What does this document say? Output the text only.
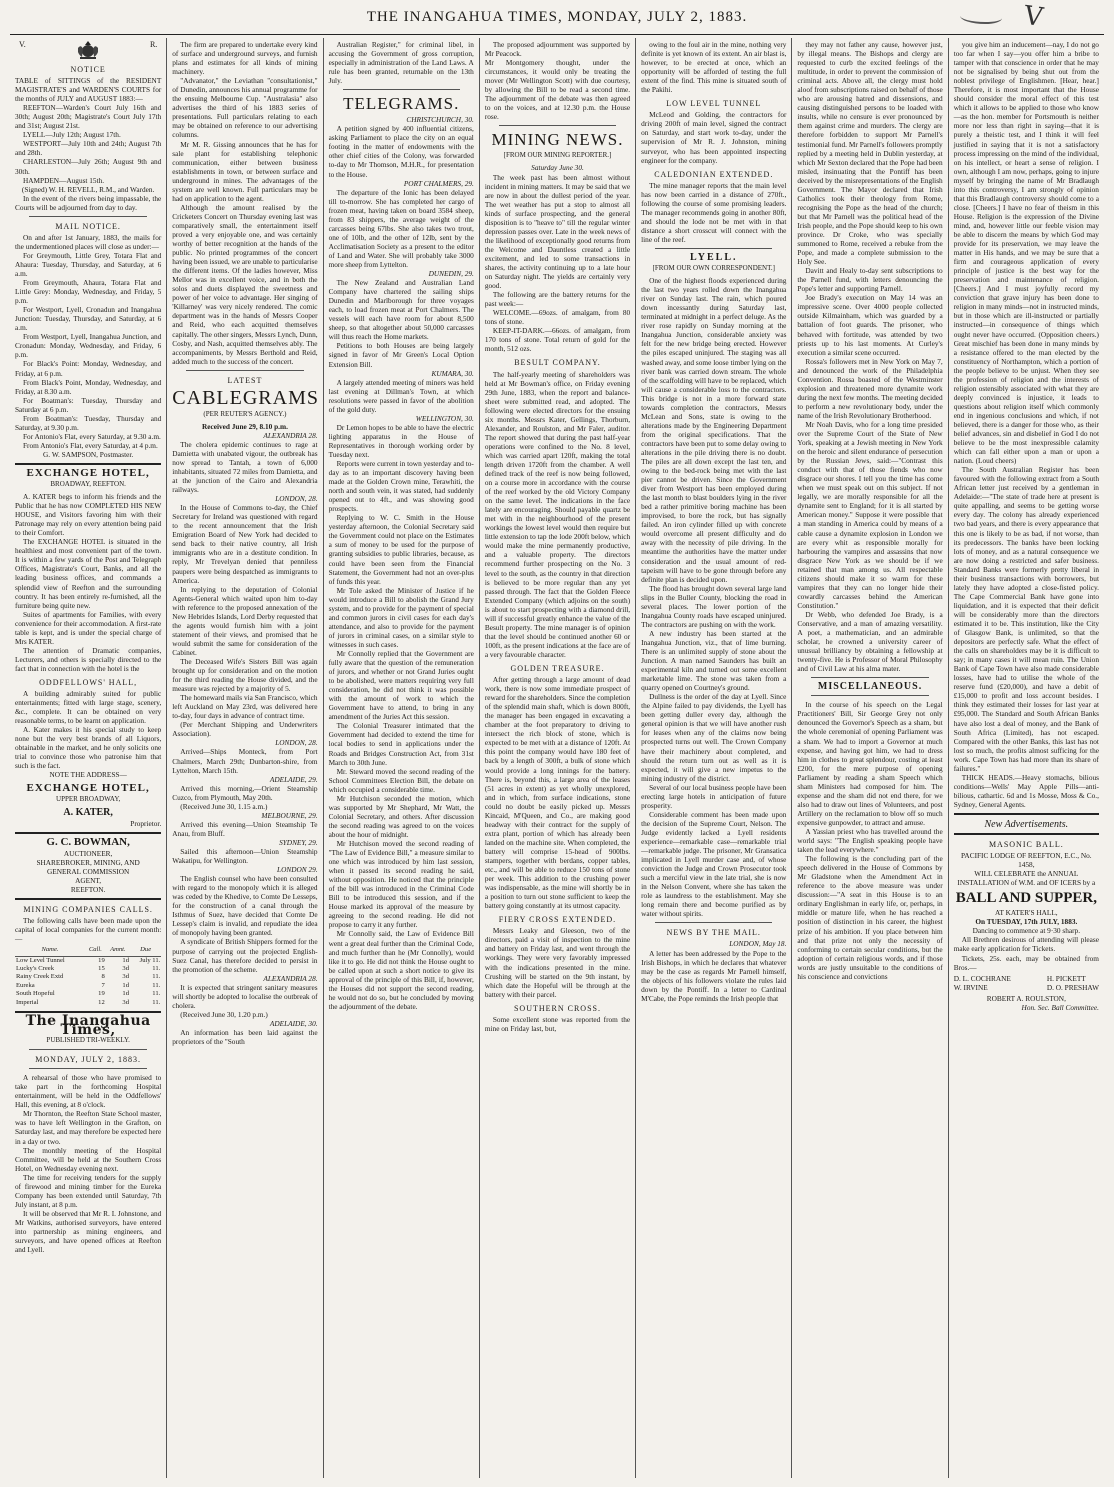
THE INANGAHUA TIMES, MONDAY, JULY 2, 1883.	V
V.	R.
NOTICE

TABLE of SITTINGS of the RESIDENT MAGISTRATE'S and WARDEN'S COURTS for the months of JULY and AUGUST 1883:—

REEFTON—Warden's Court July 16th and 30th; August 20th; Magistrate's Court July 17th and 31st; August 21st.

LYELL—July 12th; August 17th.

WESTPORT—July 10th and 24th; August 7th and 28th.

CHARLESTON—July 26th; August 9th and 30th.

HAMPDEN—August 15th.

(Signed) W. H. REVELL, R.M., and Warden.

In the event of the rivers being impassable, the Courts will be adjourned from day to day.

MAIL NOTICE.

On and after 1st January, 1883, the mails for the undermentioned places will close as under:—

For Greymouth, Little Grey, Totara Flat and Ahaura: Tuesday, Thursday, and Saturday, at 6 a.m.

From Greymouth, Ahaura, Totara Flat and Little Grey: Monday, Wednesday, and Friday, 5 p.m.

For Westport, Lyell, Cronadun and Inangahua Junction: Tuesday, Thursday, and Saturday, at 6 a.m.

From Westport, Lyell, Inangahua Junction, and Cronadun: Monday, Wednesday, and Friday, 6 p.m.

For Black's Point: Monday, Wednesday, and Friday, at 6 p.m.

From Black's Point, Monday, Wednesday, and Friday, at 8.30 a.m.

For Boatman's: Tuesday, Thursday and Saturday at 6 p.m.

From Boatman's: Tuesday, Thursday and Saturday, at 9.30 p.m.

For Antonio's Flat, every Saturday, at 9.30 a.m.

From Antonio's Flat, every Saturday, at 4 p.m.

G. W. SAMPSON, Postmaster.

EXCHANGE HOTEL,
BROADWAY, REEFTON.

A. KATER begs to inform his friends and the Public that he has now COMPLETED HIS NEW HOUSE, and Visitors favoring him with their Patronage may rely on every attention being paid to their Comfort.

The EXCHANGE HOTEL is situated in the healthiest and most convenient part of the town. It is within a few yards of the Post and Telegraph Offices, Magistrate's Court, Banks, and all the leading business offices, and commands a splendid view of Reefton and the surrounding country. It has been entirely re-furnished, all the furniture being quite new.

Suites of apartments for Families, with every convenience for their accommodation. A first-rate table is kept, and is under the special charge of Mrs KATER.

The attention of Dramatic companies, Lecturers, and others is specially directed to the fact that in connection with the hotel is the

ODDFELLOWS' HALL,

A building admirably suited for public entertainments; fitted with large stage, scenery, &c., complete. It can be obtained on very reasonable terms, to be learnt on application.

A. Kater makes it his special study to keep none but the very best brands of all Liquors, obtainable in the market, and he only solicits one trial to convince those who patronise him that such is the fact.

NOTE THE ADDRESS—

EXCHANGE HOTEL,
UPPER BROADWAY,
A. KATER,

Proprietor.

G. C. BOWMAN,

AUCTIONEER,

SHAREBROKER, MINING, AND

GENERAL COMMISSION

AGENT,

REEFTON.

MINING COMPANIES CALLS.

The following calls have been made upon the capital of local companies for the current month:—

Name.	Call.	Amnt.	Due
Low Level Tunnel	19	1d	July 11.
Lucky's Creek	15	3d	11.
Rainy Creek Extd	8	3d	11.
Eureka	7	1d	11.
South Hopeful	19	1d	11.
Imperial	12	3d	11.
The Inangahua Times,
PUBLISHED TRI-WEEKLY.
MONDAY, JULY 2, 1883.

A rehearsal of those who have promised to take part in the forthcoming Hospital entertainment, will be held in the Oddfellows' Hall, this evening, at 8 o'clock.

Mr Thornton, the Reefton State School master, was to have left Wellington in the Grafton, on Saturday last, and may therefore be expected here in a day or two.

The monthly meeting of the Hospital Committee, will be held at the Southern Cross Hotel, on Wednesday evening next.

The time for receiving tenders for the supply of firewood and mining timber for the Eureka Company has been extended until Saturday, 7th July instant, at 8 p.m.

It will be observed that Mr R. I. Johnstone, and Mr Watkins, authorised surveyors, have entered into partnership as mining engineers, and surveyors, and have opened offices at Reefton and Lyell.

The firm are prepared to undertake every kind of surface and underground surveys, and furnish plans and estimates for all kinds of mining machinery.

"Advanator," the Leviathan "consultationist," of Dunedin, announces his annual programme for the ensuing Melbourne Cup. "Australasia" also advertises the third of his 1883 series of presentations. Full particulars relating to each may be obtained on reference to our advertising columns.

Mr M. R. Gissing announces that he has for sale plant for establishing telephonic communication, either between business establishments in town, or between surface and underground in mines. The advantages of the system are well known. Full particulars may be had on application to the agent.

Although the amount realised by the Cricketers Concert on Thursday evening last was comparatively small, the entertainment itself proved a very enjoyable one, and was certainly worthy of better recognition at the hands of the public. No printed programmes of the concert having been issued, we are unable to particularise the different items. Of the ladies however, Miss Mellor was in excellent voice, and in both the solos and duets displayed the sweetness and power of her voice to advantage. Her singing of 'Killarney' was very nicely rendered. The comic department was in the hands of Messrs Cooper and Reid, who each acquitted themselves capitally. The other singers, Messrs Lynch, Dunn, Cosby, and Nash, acquitted themselves ably. The accompaniments, by Messrs Berthold and Reid, added much to the success of the concert.

LATEST
CABLEGRAMS
(PER REUTER'S AGENCY.)

Received June 29, 8.10 p.m.

ALEXANDRIA 28.

The cholera epidemic continues to rage at Damietta with unabated vigour, the outbreak has now spread to Tantah, a town of 6,000 inhabitants, situated 72 miles from Damietta, and at the junction of the Cairo and Alexandria railways.

LONDON, 28.

In the House of Commons to-day, the Chief Secretary for Ireland was questioned with regard to the recent announcement that the Irish Emigration Board of New York had decided to send back to their native country, all Irish immigrants who are in a destitute condition. In reply, Mr Trevelyan denied that penniless paupers were being despatched as immigrants to America.

In replying to the deputation of Colonial Agents-General which waited upon him to-day with reference to the proposed annexation of the New Hebrides Islands, Lord Derby requested that the agents would furnish him with a joint statement of their views, and promised that he would submit the same for consideration of the Cabinet.

The Deceased Wife's Sisters Bill was again brought up for consideration and on the motion for the third reading the House divided, and the measure was rejected by a majority of 5.

The homeward mails via San Francisco, which left Auckland on May 23rd, was delivered here to-day, four days in advance of contract time.

(Per Merchant Shipping and Underwriters Association).

LONDON, 28.

Arrived—Ships Monteck, from Port Chalmers, March 29th; Dunbarton-shire, from Lyttelton, March 15th.

ADELAIDE, 29.

Arrived this morning,—Orient Steamship Cuzco, from Plymouth, May 20th.

(Received June 30, 1.15 a.m.)

MELBOURNE, 29.

Arrived this evening—Union Steamship Te Anau, from Bluff.

SYDNEY, 29.

Sailed this afternoon—Union Steamship Wakatipu, for Wellington.

LONDON 29.

The English counsel who have been consulted with regard to the monopoly which it is alleged was ceded by the Khedive, to Comte De Lesseps, for the construction of a canal through the Isthmus of Suez, have decided that Comte De Lessep's claim is invalid, and repudiate the idea of monopoly having been granted.

A syndicate of British Shippers formed for the purpose of carrying out the projected English-Suez Canal, has therefore decided to persist in the promotion of the scheme.

ALEXANDRIA 28.

It is expected that stringent sanitary measures will shortly be adopted to localise the outbreak of cholera.

(Received June 30, 1.20 p.m.)

ADELAIDE, 30.

An information has been laid against the proprietors of the "South

Australian Register," for criminal libel, in accusing the Government of gross corruption, especially in administration of the Land Laws. A rule has been granted, returnable on the 13th July.

TELEGRAMS.

CHRISTCHURCH, 30.

A petition signed by 400 influential citizens, asking Parliament to place the city on an equal footing in the matter of endowments with the other chief cities of the Colony, was forwarded to-day to Mr Thomson, M.H.R., for presentation to the House.

PORT CHALMERS, 29.

The departure of the Ionic has been delayed till to-morrow. She has completed her cargo of frozen meat, having taken on board 3584 sheep, from 83 shippers, the average weight of the carcasses being 67lbs. She also takes two trout, one of 10lb, and the other of 12lb, sent by the Acclimatisation Society as a present to the editor of Land and Water. She will probably take 3000 more sheep from Lyttelton.

DUNEDIN, 29.

The New Zealand and Australian Land Company have chartered the sailing ships Dunedin and Marlborough for three voyages each, to load frozen meat at Port Chalmers. The vessels will each have room for about 8,500 sheep, so that altogether about 50,000 carcasses will thus reach the Home markets.

Petitions to both Houses are being largely signed in favor of Mr Green's Local Option Extension Bill.

KUMARA, 30.

A largely attended meeting of miners was held last evening at Dillman's Town, at which resolutions were passed in favor of the abolition of the gold duty.

WELLINGTON, 30.

Dr Lemon hopes to be able to have the electric lighting apparatus in the House of Representatives in thorough working order by Tuesday next.

Reports were current in town yesterday and to-day as to an important discovery having been made at the Golden Crown mine, Terawhiti, the north and south vein, it was stated, had suddenly opened out to 4ft., and was showing good prospects.

Replying to W. C. Smith in the House yesterday afternoon, the Colonial Secretary said the Government could not place on the Estimates a sum of money to be used for the purpose of granting subsidies to public libraries, because, as could have been seen from the Financial Statement, the Government had not an over-plus of funds this year.

Mr Tole asked the Minister of Justice if he would introduce a Bill to abolish the Grand Jury system, and to provide for the payment of special and common jurors in civil cases for each day's attendance, and also to provide for the payment of jurors in criminal cases, on a similar style to witnesses in such cases.

Mr Connolly replied that the Government are fully aware that the question of the remuneration of jurors, and whether or not Grand Juries ought to be abolished, were matters requiring very full consideration, he did not think it was possible with the amount of work to which the Government have to attend, to bring in any amendment of the Juries Act this session.

The Colonial Treasurer intimated that the Government had decided to extend the time for local bodies to send in applications under the Roads and Bridges Construction Act, from 31st March to 30th June.

Mr. Steward moved the second reading of the School Committees Election Bill, the debate on which occupied a considerable time.

Mr Hutchison seconded the motion, which was supported by Mr Shephard, Mr Watt, the Colonial Secretary, and others. After discussion the second reading was agreed to on the voices about the hour of midnight.

Mr Hutchison moved the second reading of "The Law of Evidence Bill," a measure similar to one which was introduced by him last session, when it passed its second reading he said, without opposition. He noticed that the principle of the bill was introduced in the Criminal Code Bill to be introduced this session, and if the House marked its approval of the measure by agreeing to the second reading. He did not propose to carry it any further.

Mr Connolly said, the Law of Evidence Bill went a great deal further than the Criminal Code, and much further than he (Mr Connolly), would like it to go. He did not think the House ought to be called upon at such a short notice to give its approval of the principle of this Bill, if, however, the Houses did not support the second reading, he would not do so, but he concluded by moving the adjournment of the debate.

The proposed adjournment was supported by Mr Peacock.
Mr Montgomery thought, under the circumstances, it would only be treating the mover (Mr Wellington Scott) with due courtesy, by allowing the Bill to be read a second time. The adjournment of the debate was then agreed to on the voices, and at 12.30 p.m. the House rose.

MINING NEWS.
[FROM OUR MINING REPORTER.]

Saturday June 30.

The week past has been almost without incident in mining matters. It may be said that we are now in about the dullest period of the year. The wet weather has put a stop to almost all kinds of surface prospecting, and the general disposition is to "heave to" till the regular winter depression passes over. Late in the week news of the likelihood of exceptionally good returns from the Welcome and Dauntless created a little excitement, and led to some transactions in shares, the activity continuing up to a late hour on Saturday night. The yields are certainly very good.

The following are the battery returns for the past week:—

WELCOME.—69ozs. of amalgam, from 80 tons of stone.

KEEP-IT-DARK.—66ozs. of amalgam, from 170 tons of stone. Total return of gold for the month, 512 ozs.

BESULT COMPANY.

The half-yearly meeting of shareholders was held at Mr Bowman's office, on Friday evening 29th June, 1883, when the report and balance-sheet were submitted read, and adopted. The following were elected directors for the ensuing six months. Messrs Kater, Gellings, Thorburn, Alexander, and Roulston, and Mr Faler, auditor. The report showed that during the past half-year operations were confined to the No. 8 level, which was carried apart 120ft, making the total length driven 1720ft from the chamber. A well defined track of the reef is now being followed, on a course more in accordance with the course of the reef worked by the old Victory Company on the same level. The indications in the face lately are encouraging. Should payable quartz be met with in the neighbourhood of the present workings the lowest level would then require but little extension to tap the lode 200ft below, which would make the mine permanently productive, and a valuable property. The directors recommend further prospecting on the No. 3 level to the south, as the country in that direction is believed to be more regular than any yet passed through. The fact that the Golden Fleece Extended Company (which adjoins on the south) is about to start prospecting with a diamond drill, will if successful greatly enhance the value of the Besult property. The mine manager is of opinion that the level should be continued another 60 or 100ft, as the present indications at the face are of a very favourable character.

GOLDEN TREASURE.

After getting through a large amount of dead work, there is now some immediate prospect of reward for the shareholders. Since the completion of the splendid main shaft, which is down 800ft, the manager has been engaged in excavating a chamber at the foot preparatory to driving to intersect the rich block of stone, which is expected to be met with at a distance of 120ft. At this point the company would have 180 feet of back by a length of 300ft, a bulk of stone which would provide a long innings for the battery. There is, beyond this, a large area of the leases (51 acres in extent) as yet wholly unexplored, and in which, from surface indications, stone could no doubt be easily picked up. Messrs Kincaid, M'Queen, and Co., are making good headway with their contract for the supply of extra plant, portion of which has already been landed on the machine site. When completed, the battery will comprise 15-head of 900lbs. stampers, together with berdans, copper tables, etc., and will be able to reduce 150 tons of stone per week. This addition to the crushing power was indispensable, as the mine will shortly be in a position to turn out stone sufficient to keep the battery going constantly at its utmost capacity.

FIERY CROSS EXTENDED.

Messrs Leaky and Gleeson, two of the directors, paid a visit of inspection to the mine and battery on Friday last, and went through the workings. They were very favorably impressed with the indications presented in the mine. Crushing will be started on the 9th instant, by which date the Hopeful will be through at the battery with their parcel.

SOUTHERN CROSS.

Some excellent stone was reported from the mine on Friday last, but,

owing to the foul air in the mine, nothing very definite is yet known of its extent. An air blast is, however, to be erected at once, which an opportunity will be afforded of testing the full extent of the find. This mine is situated south of the Pakihi.

LOW LEVEL TUNNEL

McLeod and Golding, the contractors for driving 200ft of main level, signed the contract on Saturday, and start work to-day, under the supervision of Mr R. J. Johnston, mining surveyor, who has been appointed inspecting engineer for the company.

CALEDONIAN EXTENDED.

The mine manager reports that the main level has now been carried in a distance of 270ft., following the course of some promising leaders. The manager recommends going in another 80ft, and should the lode not be met with in that distance a short crosscut will connect with the line of the reef.

LYELL.
[FROM OUR OWN CORRESPONDENT.]

One of the highest floods experienced during the last two years rolled down the Inangahua river on Sunday last. The rain, which poured down incessantly during Saturday last, terminated at midnight in a perfect deluge. As the river rose rapidly on Sunday morning at the Inangahua Junction, considerable anxiety was felt for the new bridge being erected. However the piles escaped uninjured. The staging was all washed away, and some loose timber lying on the river bank was carried down stream. The whole of the scaffolding will have to be replaced, which will cause a considerable loss to the contractors. This bridge is not in a more forward state towards completion the contractors, Messrs McLean and Sons, state is owing to the alterations made by the Engineering Department from the original specifications. That the contractors have been put to some delay owing to alterations in the pile driving there is no doubt. The piles are all down except the last ten, and owing to the bed-rock being met with the last pier cannot be driven. Since the Government diver from Westport has been employed during the last month to blast boulders lying in the river bed a rather primitive boring machine has been improvised, to bore the rock, but has signally failed. An iron cylinder filled up with concrete would overcome all present difficulty and do away with the necessity of pile driving. In the meantime the authorities have the matter under consideration and the usual amount of red-tapeism will have to be gone through before any definite plan is decided upon.

The flood has brought down several large land slips in the Buller County, blocking the road in several places. The lower portion of the Inangahua County roads have escaped uninjured. The contractors are pushing on with the work.

A new industry has been started at the Inangahua Junction, viz., that of lime burning. There is an unlimited supply of stone about the Junction. A man named Saunders has built an experimental kiln and turned out some excellent marketable lime. The stone was taken from a quarry opened on Courtney's ground.

Dullness is the order of the day at Lyell. Since the Alpine failed to pay dividends, the Lyell has been getting duller every day, although the general opinion is that we will have another rush for leases when any of the claims now being prospected turns out well. The Crown Company have their machinery about completed, and should the return turn out as well as it is expected, it will give a new impetus to the mining industry of the district.

Several of our local business people have been erecting large hotels in anticipation of future prosperity.

Considerable comment has been made upon the decision of the Supreme Court, Nelson. The Judge evidently lacked a Lyell residents experience—remarkable case—remarkable trial—remarkable judge. The prisoner, Mr Gransatica implicated in Lyell murder case and, of whose conviction the Judge and Crown Prosecutor took such a merciful view in the late trial, she is now in the Nelson Convent, where she has taken the role as laundress to the establishment. May she long remain there and become purified as by water without spirits.

NEWS BY THE MAIL.

LONDON, May 18.

A letter has been addressed by the Pope to the Irish Bishops, in which he declares that whatever may be the case as regards Mr Parnell himself, the objects of his followers violate the rules laid down by the Pontiff. In a letter to Cardinal M'Cabe, the Pope reminds the Irish people that

they may not father any cause, however just, by illegal means. The Bishops and clergy are requested to curb the excited feelings of the multitude, in order to prevent the commission of criminal acts. Above all, the clergy must hold aloof from subscriptions raised on behalf of those who are arousing hatred and dissensions, and causing distinguished persons to be loaded with insults, while no censure is ever pronounced by them against crime and murders. The clergy are therefore forbidden to support Mr Parnell's testimonial fund. Mr Parnell's followers promptly replied by a meeting held in Dublin yesterday, at which Mr Sexton declared that the Pope had been misled, insinuating that the Pontiff has been deceived by the misrepresentations of the English Government. The Mayor declared that Irish Catholics took their theology from Rome, recognising the Pope as the head of the church; but that Mr Parnell was the political head of the Irish people, and the Pope should keep to his own province. Dr Croke, who was specially summoned to Rome, received a rebuke from the Pope, and made a complete submission to the Holy See.

Davitt and Healy to-day sent subscriptions to the Parnell fund, with letters denouncing the Pope's letter and supporting Parnell.

Joe Brady's execution on May 14 was an impressive scene. Over 4000 people collected outside Kilmainham, which was guarded by a battalion of foot guards. The prisoner, who behaved with fortitude, was attended by two priests up to his last moments. At Curley's execution a similar scene occurred.

Rossa's followers met in New York on May 7, and denounced the work of the Philadelphia Convention. Rossa boasted of the Westminster explosion and threatened more dynamite work during the next few months. The meeting decided to perform a new revolutionary body, under the name of the Irish Revolutionary Brotherhood.

Mr Noah Davis, who for a long time presided over the Supreme Court of the State of New York, speaking at a Jewish meeting in New York on the heroic and silent endurance of persecution by the Russian Jews, said:—"Contrast this conduct with that of those fiends who now disgrace our shores. I tell you the time has come when we must speak out on this subject. If not legally, we are morally responsible for all the dynamite sent to England; for it is all started by American money." Suppose it were possible that a man standing in America could by means of a cable cause a dynamite explosion in London we are every whit as responsible morally for harbouring the vampires and assassins that now disgrace New York as we should be if we retained that man among us. All respectable citizens should make it so warm for these vampires that they can no longer hide their cowardly carcasses behind the American Constitution."

Dr Webb, who defended Joe Brady, is a Conservative, and a man of amazing versatility. A poet, a mathematician, and an admirable scholar, he crowned a university career of unusual brilliancy by obtaining a fellowship at twenty-five. He is Professor of Moral Philosophy and of Civil Law at his alma mater.

MISCELLANEOUS.

In the course of his speech on the Legal Practitioners' Bill, Sir George Grey not only denounced the Governor's Speech as a sham, but the whole ceremonial of opening Parliament was a sham. We had to import a Governor at much expense, and having got him, we had to dress him in clothes to great splendour, costing at least £200, for the mere purpose of opening Parliament by reading a sham Speech which sham Ministers had composed for him. The expense and the sham did not end there, for we also had to draw out lines of Volunteers, and post Artillery on the reclamation to blow off so much expensive gunpowder, to attract and amuse.

A Yassian priest who has travelled around the world says: "The English speaking people have taken the lead everywhere."

The following is the concluding part of the speech delivered in the House of Commons by Mr Gladstone when the Amendment Act in reference to the above measure was under discussion:—"A seat in this House is to an ordinary Englishman in early life, or, perhaps, in middle or mature life, when he has reached a position of distinction in his career, the highest prize of his ambition. If you place between him and that prize not only the necessity of conforming to certain secular conditions, but the adoption of certain religious words, and if those words are justly unsuitable to the conditions of his conscience and convictions

you give him an inducement—nay, I do not go too far when I say—you offer him a bribe to tamper with that conscience in order that he may not be signalised by being shut out from the noblest privilege of Englishmen. [Hear, hear.] Therefore, it is most important that the House should consider the moral effect of this test which it allows to be applied to those who know—as the hon. member for Portsmouth is neither more nor less than right in saying—that it is purely a theistic test, and I think it will feel justified in saying that it is not a satisfactory process impressing on the mind of the individual, on his intellect, or heart a sense of religion. I own, although I am now, perhaps, going to injure myself by bringing the name of Mr Bradlaugh into this controversy, I am strongly of opinion that this Bradlaugh controversy should come to a close. [Cheers.] I have no fear of theism in this House. Religion is the expression of the Divine mind, and, however little our feeble vision may be able to discern the means by which God may provide for its preservation, we may leave the matter in His hands, and we may be sure that a firm and courageous application of every principle of justice is the best way for the preservation and maintenance of religion. [Cheers.] And I must joyfully record my conviction that grave injury has been done to religion in many minds—not in instructed minds, but in those which are ill-instructed or partially instructed—in consequence of things which ought never have occurred. (Opposition cheers.) Great mischief has been done in many minds by a resistance offered to the man elected by the constituency of Northampton, which a portion of the people believe to be unjust. When they see the profession of religion and the interests of religion ostensibly associated with what they are deeply convinced is injustice, it leads to questions about religion itself which commonly end in ingenious conclusions and which, if not believed, there is a danger for those who, as their belief advances, sin and disbelief in God I do not believe to be the most inexpressible calamity which can fall either upon a man or upon a nation. (Loud cheers)

The South Australian Register has been favoured with the following extract from a South African letter just received by a gentleman in Adelaide:—"The state of trade here at present is quite appalling, and seems to be getting worse every day. The colony has already experienced two bad years, and there is every appearance that this one is likely to be as bad, if not worse, than its predecessors. The banks have been locking lots of money, and as a natural consequence we are now doing a restricted and safer business. Standard Banks were formerly pretty liberal in their business transactions with borrowers, but lately they have adopted a close-fisted policy. The Cape Commercial Bank have gone into liquidation, and it is expected that their deficit will be considerably more than the directors estimated it to be. This institution, like the City of Glasgow Bank, is unlimited, so that the depositors are perfectly safe. What the effect of the calls on shareholders may be it is difficult to say; in many cases it will mean ruin. The Union Bank of Cape Town have also made considerable losses, have had to utilise the whole of the reserve fund (£20,000), and have a debit of £15,000 to profit and loss account besides. I think they estimated their losses for last year at £95,000. The Standard and South African Banks have also lost a deal of money, and the Bank of South Africa (Limited), has not escaped. Compared with the other Banks, this last has not lost so much, the profits almost sufficing for the work. Cape Town has had more than its share of failures."

THICK HEADS.—Heavy stomachs, bilious conditions—Wells' May Apple Pills—anti-bilious, cathartic. 6d and 1s Mosse, Moss & Co., Sydney, General Agents.

New Advertisements.
MASONIC BALL.

PACIFIC LODGE OF REEFTON, E.C., No. 1458,

WILL CELEBRATE the ANNUAL INSTALLATION of W.M. and OF ICERS by a

BALL AND SUPPER,

AT KATER'S HALL,

On TUESDAY, 17th JULY, 1883.

Dancing to commence at 9·30 sharp.

All Brethren desirous of attending will please make early application for Tickets.

Tickets, 25s. each, may be obtained from Bros.—

D. L. COCHRANE
W. IRVINE
H. PICKETT
D. O. PRESHAW

ROBERT A. ROULSTON,

Hon. Sec. Ball Committee.
